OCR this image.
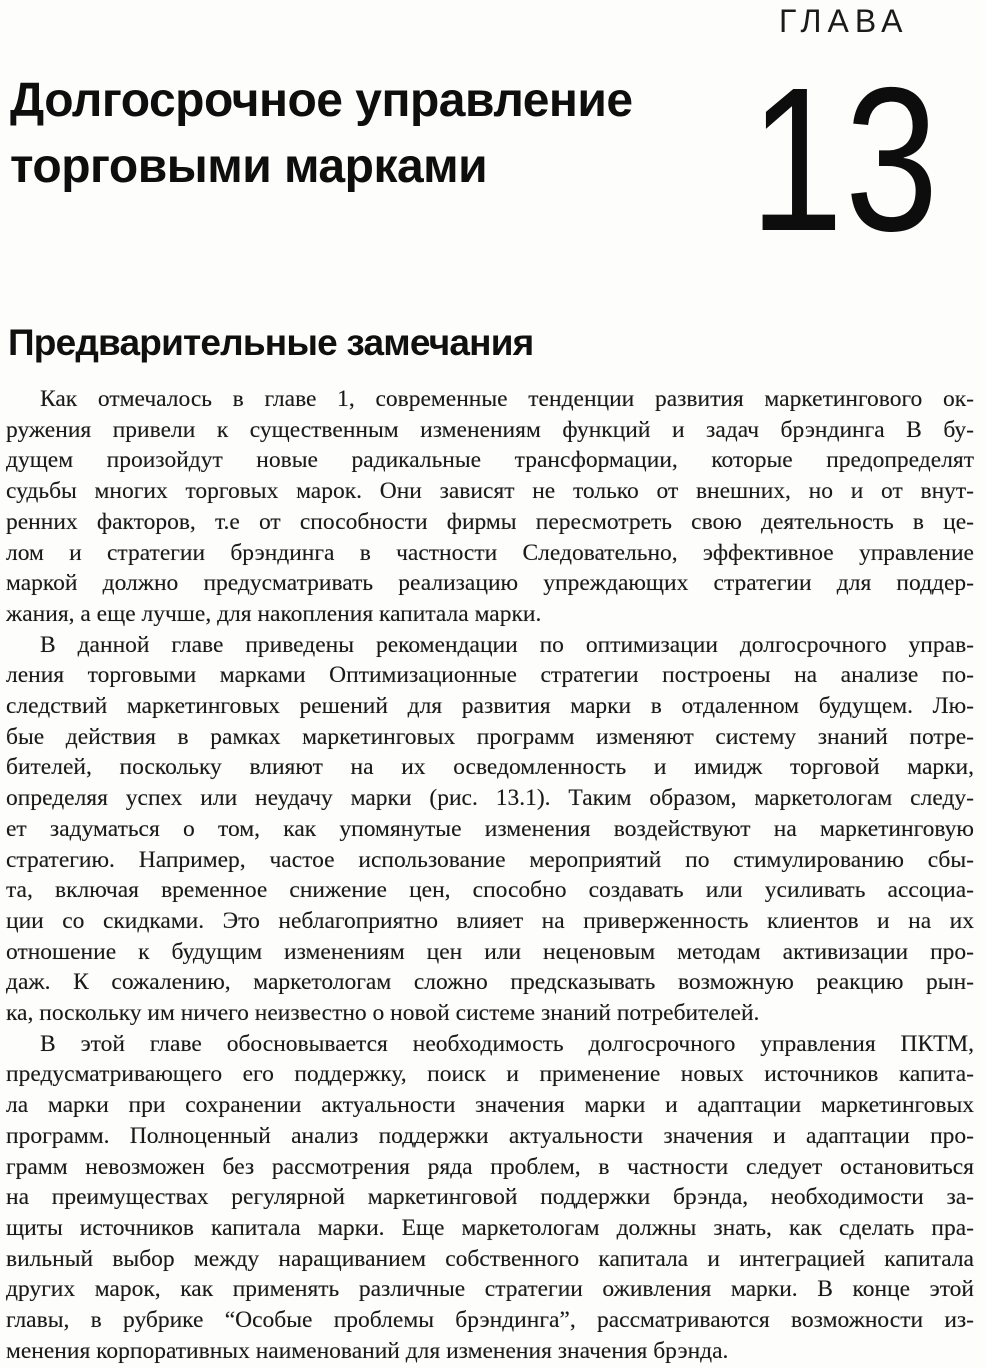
ГЛАВА
13
Долгосрочное управление
торговыми марками
Предварительные замечания
Как отмечалось в главе 1, современные тенденции развития маркетингового ок-
ружения привели к существенным изменениям функций и задач брэндинга В бу-
дущем произойдут новые радикальные трансформации, которые предопределят
судьбы многих торговых марок. Они зависят не только от внешних, но и от внут-
ренних факторов, т.е от способности фирмы пересмотреть свою деятельность в це-
лом и стратегии брэндинга в частности Следовательно, эффективное управление
маркой должно предусматривать реализацию упреждающих стратегии для поддер-
жания, а еще лучше, для накопления капитала марки.
В данной главе приведены рекомендации по оптимизации долгосрочного управ-
ления торговыми марками Оптимизационные стратегии построены на анализе по-
следствий маркетинговых решений для развития марки в отдаленном будущем. Лю-
бые действия в рамках маркетинговых программ изменяют систему знаний потре-
бителей, поскольку влияют на их осведомленность и имидж торговой марки,
определяя успех или неудачу марки (рис. 13.1). Таким образом, маркетологам следу-
ет задуматься о том, как упомянутые изменения воздействуют на маркетинговую
стратегию. Например, частое использование мероприятий по стимулированию сбы-
та, включая временное снижение цен, способно создавать или усиливать ассоциа-
ции со скидками. Это неблагоприятно влияет на приверженность клиентов и на их
отношение к будущим изменениям цен или неценовым методам активизации про-
даж. К сожалению, маркетологам сложно предсказывать возможную реакцию рын-
ка, поскольку им ничего неизвестно о новой системе знаний потребителей.
В этой главе обосновывается необходимость долгосрочного управления ПКТМ,
предусматривающего его поддержку, поиск и применение новых источников капита-
ла марки при сохранении актуальности значения марки и адаптации маркетинговых
программ. Полноценный анализ поддержки актуальности значения и адаптации про-
грамм невозможен без рассмотрения ряда проблем, в частности следует остановиться
на преимуществах регулярной маркетинговой поддержки брэнда, необходимости за-
щиты источников капитала марки. Еще маркетологам должны знать, как сделать пра-
вильный выбор между наращиванием собственного капитала и интеграцией капитала
других марок, как применять различные стратегии оживления марки. В конце этой
главы, в рубрике “Особые проблемы брэндинга”, рассматриваются возможности из-
менения корпоративных наименований для изменения значения брэнда.
